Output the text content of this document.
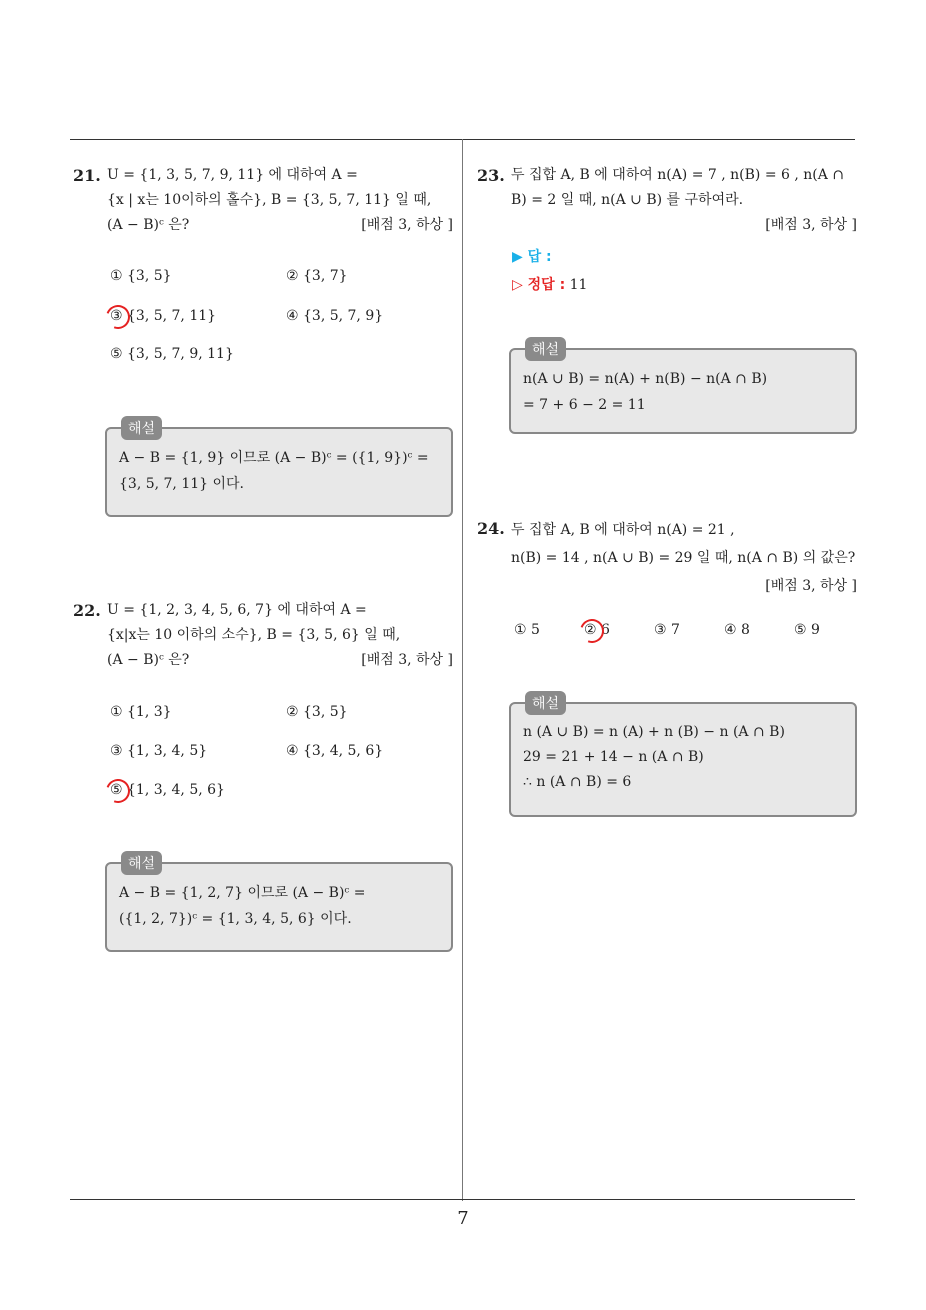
7
21. U = {1, 3, 5, 7, 9, 11} 에 대하여 A =
{x | x는 10이하의 홀수}, B = {3, 5, 7, 11} 일 때,
(A − B)ᶜ 은?	[배점 3, 하상 ]
① {3, 5}	② {3, 7}
③ {3, 5, 7, 11}	④ {3, 5, 7, 9}
⑤ {3, 5, 7, 9, 11}
해설
A − B = {1, 9} 이므로 (A − B)ᶜ = ({1, 9})ᶜ =
{3, 5, 7, 11} 이다.
22. U = {1, 2, 3, 4, 5, 6, 7} 에 대하여 A =
{x|x는 10 이하의 소수}, B = {3, 5, 6} 일 때,
(A − B)ᶜ 은?	[배점 3, 하상 ]
① {1, 3}	② {3, 5}
③ {1, 3, 4, 5}	④ {3, 4, 5, 6}
⑤ {1, 3, 4, 5, 6}
해설
A − B = {1, 2, 7} 이므로 (A − B)ᶜ =
({1, 2, 7})ᶜ = {1, 3, 4, 5, 6} 이다.
23. 두 집합 A, B 에 대하여 n(A) = 7 , n(B) = 6 , n(A ∩
B) = 2 일 때, n(A ∪ B) 를 구하여라.
[배점 3, 하상 ]
▶ 답 :
▷ 정답 : 11
해설
n(A ∪ B) = n(A) + n(B) − n(A ∩ B)
= 7 + 6 − 2 = 11
24. 두 집합 A, B 에 대하여 n(A) = 21 ,
n(B) = 14 , n(A ∪ B) = 29 일 때, n(A ∩ B) 의 값은?
[배점 3, 하상 ]
① 5	② 6	③ 7	④ 8	⑤ 9
해설
n (A ∪ B) = n (A) + n (B) − n (A ∩ B)
29 = 21 + 14 − n (A ∩ B)
∴ n (A ∩ B) = 6
